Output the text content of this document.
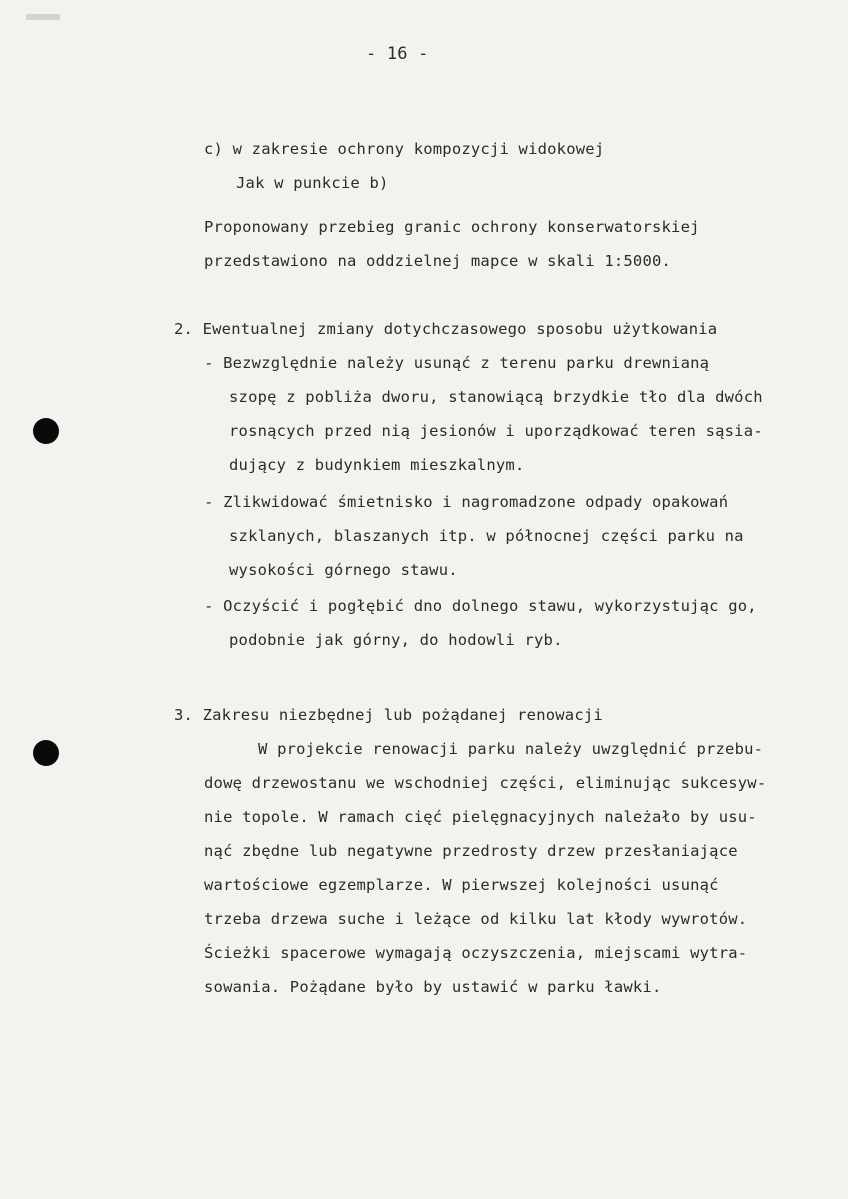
- 16 -
c) w zakresie ochrony kompozycji widokowej
Jak w punkcie b)
Proponowany przebieg granic ochrony konserwatorskiej
przedstawiono na oddzielnej mapce w skali 1:5000.
2. Ewentualnej zmiany dotychczasowego sposobu użytkowania
- Bezwzględnie należy usunąć z terenu parku drewnianą
szopę z pobliża dworu, stanowiącą brzydkie tło dla dwóch
rosnących przed nią jesionów i uporządkować teren sąsia-
dujący z budynkiem mieszkalnym.
- Zlikwidować śmietnisko i nagromadzone odpady opakowań
szklanych, blaszanych itp. w północnej części parku na
wysokości górnego stawu.
- Oczyścić i pogłębić dno dolnego stawu, wykorzystując go,
podobnie jak górny, do hodowli ryb.
3. Zakresu niezbędnej lub pożądanej renowacji
W projekcie renowacji parku należy uwzględnić przebu-
dowę drzewostanu we wschodniej części, eliminując sukcesyw-
nie topole. W ramach cięć pielęgnacyjnych należało by usu-
nąć zbędne lub negatywne przedrosty drzew przesłaniające
wartościowe egzemplarze. W pierwszej kolejności usunąć
trzeba drzewa suche i leżące od kilku lat kłody wywrotów.
Ścieżki spacerowe wymagają oczyszczenia, miejscami wytra-
sowania. Pożądane było by ustawić w parku ławki.
